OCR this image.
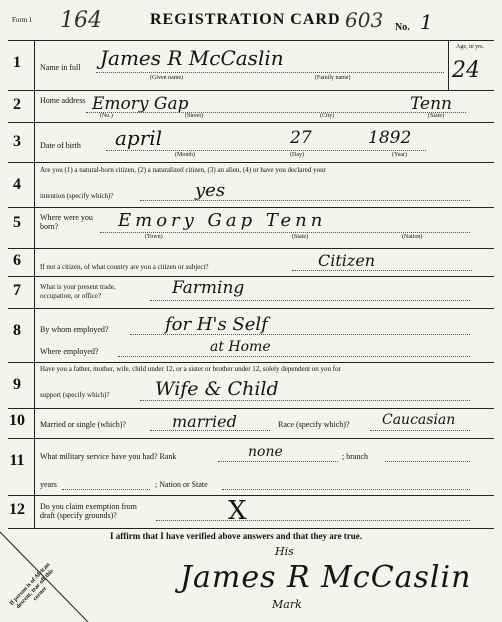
Form 1 164	REGISTRATION CARD 603 No. 1
1	Name in full James R McCaslin
(Given name)	(Family name)
Age, in yrs.
24
2	Home address Emory Gap	Tenn
(No.)	(Street)	(City)	(State)
3	Date of birth april	27	1892
(Month)	(Day)	(Year)
4
Are you (1) a natural-born citizen, (2) a naturalized citizen, (3) an alien, (4) or have you declared your
intention (specify which)?	yes
5	Where were you born?	Emory Gap Tenn
(Town)	(State)	(Nation)
6	If not a citizen, of what country are you a citizen or subject?	Citizen
7	What is your present trade, occupation, or office?	Farming
8	By whom employed?	for H's Self
Where employed?	at Home
9
Have you a father, mother, wife, child under 12, or a sister or brother under 12, solely dependent on you for
support (specify which)? Wife & Child
10	Married or single (which)?	married	Race (specify which)? Caucasian
11	What military service have you had? Rank	none	; branch
years	; Nation or State
12	Do you claim exemption from draft (specify grounds)?	X
I affirm that I have verified above answers and that they are true.
His
James R McCaslin
Mark
If person is of African descent, tear off this corner
